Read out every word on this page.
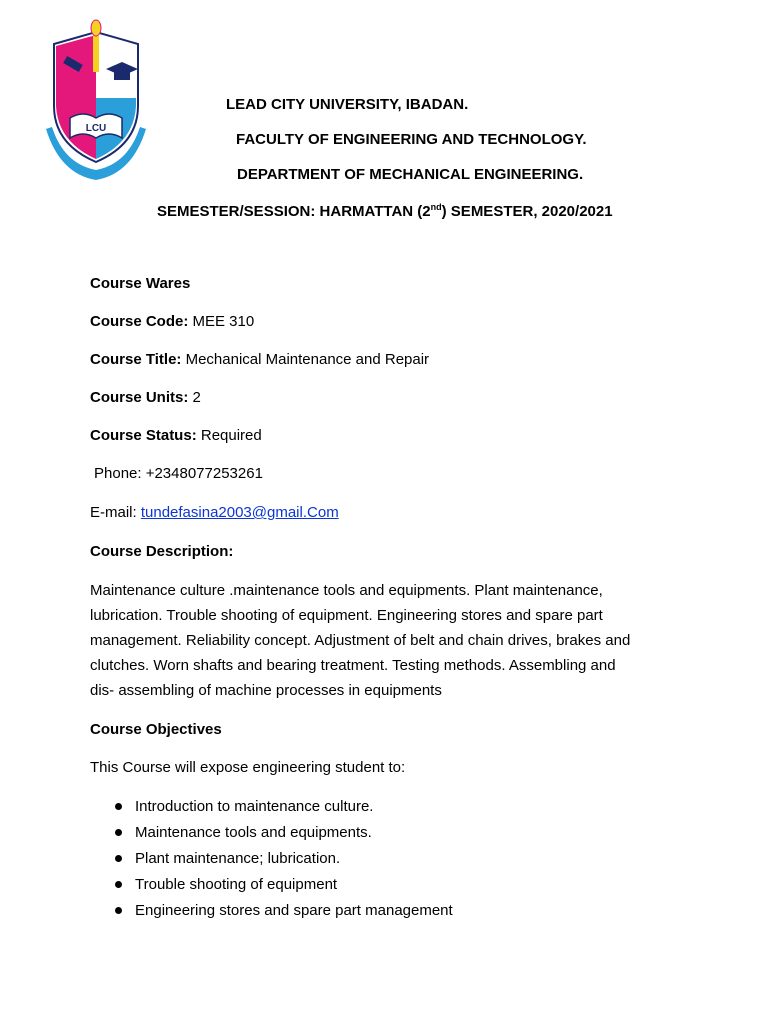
LCU
LEAD CITY UNIVERSITY, IBADAN.
FACULTY OF ENGINEERING AND TECHNOLOGY.
DEPARTMENT OF MECHANICAL ENGINEERING.
SEMESTER/SESSION: HARMATTAN (2nd) SEMESTER, 2020/2021
Course Wares
Course Code: MEE 310
Course Title: Mechanical Maintenance and Repair
Course Units: 2
Course Status: Required
Phone: +2348077253261
E-mail: tundefasina2003@gmail.Com
Course Description:
Maintenance culture .maintenance tools and equipments. Plant maintenance,
lubrication. Trouble shooting of equipment. Engineering stores and spare part
management. Reliability concept. Adjustment of belt and chain drives, brakes and
clutches. Worn shafts and bearing treatment. Testing methods. Assembling and
dis- assembling of machine processes in equipments
Course Objectives
This Course will expose engineering student to:
Introduction to maintenance culture.
Maintenance tools and equipments.
Plant maintenance; lubrication.
Trouble shooting of equipment
Engineering stores and spare part management
